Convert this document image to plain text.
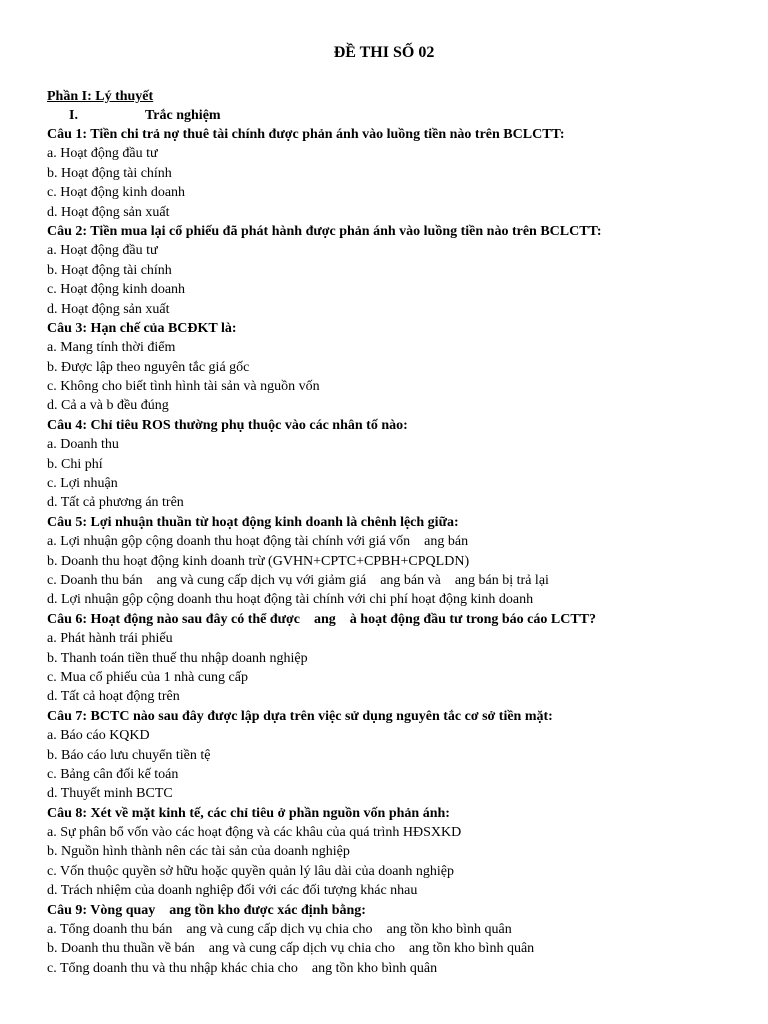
ĐỀ THI SỐ 02
Phần I: Lý thuyết
I.	Trắc nghiệm
Câu 1: Tiền chi trả nợ thuê tài chính được phản ánh vào luồng tiền nào trên BCLCTT:
a. Hoạt động đầu tư
b. Hoạt động tài chính
c. Hoạt động kinh doanh
d. Hoạt động sản xuất
Câu 2: Tiền mua lại cổ phiếu đã phát hành được phản ánh vào luồng tiền nào trên BCLCTT:
a. Hoạt động đầu tư
b. Hoạt động tài chính
c. Hoạt động kinh doanh
d. Hoạt động sản xuất
Câu 3: Hạn chế của BCĐKT là:
a. Mang tính thời điểm
b. Được lập theo nguyên tắc giá gốc
c. Không cho biết tình hình tài sản và nguồn vốn
d. Cả a và b đều đúng
Câu 4: Chỉ tiêu ROS thường phụ thuộc vào các nhân tố nào:
a. Doanh thu
b. Chi phí
c. Lợi nhuận
d. Tất cả phương án trên
Câu 5: Lợi nhuận thuần từ hoạt động kinh doanh là chênh lệch giữa:
a. Lợi nhuận gộp cộng doanh thu hoạt động tài chính với giá vốn    ang bán
b. Doanh thu hoạt động kinh doanh trừ (GVHN+CPTC+CPBH+CPQLDN)
c. Doanh thu bán    ang và cung cấp dịch vụ với giảm giá    ang bán và    ang bán bị trả lại
d. Lợi nhuận gộp cộng doanh thu hoạt động tài chính với chi phí hoạt động kinh doanh
Câu 6: Hoạt động nào sau đây có thể được    ang    à hoạt động đầu tư trong báo cáo LCTT?
a. Phát hành trái phiếu
b. Thanh toán tiền thuế thu nhập doanh nghiệp
c. Mua cổ phiếu của 1 nhà cung cấp
d. Tất cả hoạt động trên
Câu 7: BCTC nào sau đây được lập dựa trên việc sử dụng nguyên tắc cơ sở tiền mặt:
a. Báo cáo KQKD
b. Báo cáo lưu chuyển tiền tệ
c. Bảng cân đối kế toán
d. Thuyết minh BCTC
Câu 8: Xét về mặt kinh tế, các chỉ tiêu ở phần nguồn vốn phản ánh:
a. Sự phân bổ vốn vào các hoạt động và các khâu của quá trình HĐSXKD
b. Nguồn hình thành nên các tài sản của doanh nghiệp
c. Vốn thuộc quyền sở hữu hoặc quyền quản lý lâu dài của doanh nghiệp
d. Trách nhiệm của doanh nghiệp đối với các đối tượng khác nhau
Câu 9: Vòng quay    ang tồn kho được xác định bằng:
a. Tổng doanh thu bán    ang và cung cấp dịch vụ chia cho    ang tồn kho bình quân
b. Doanh thu thuần về bán    ang và cung cấp dịch vụ chia cho    ang tồn kho bình quân
c. Tổng doanh thu và thu nhập khác chia cho    ang tồn kho bình quân
